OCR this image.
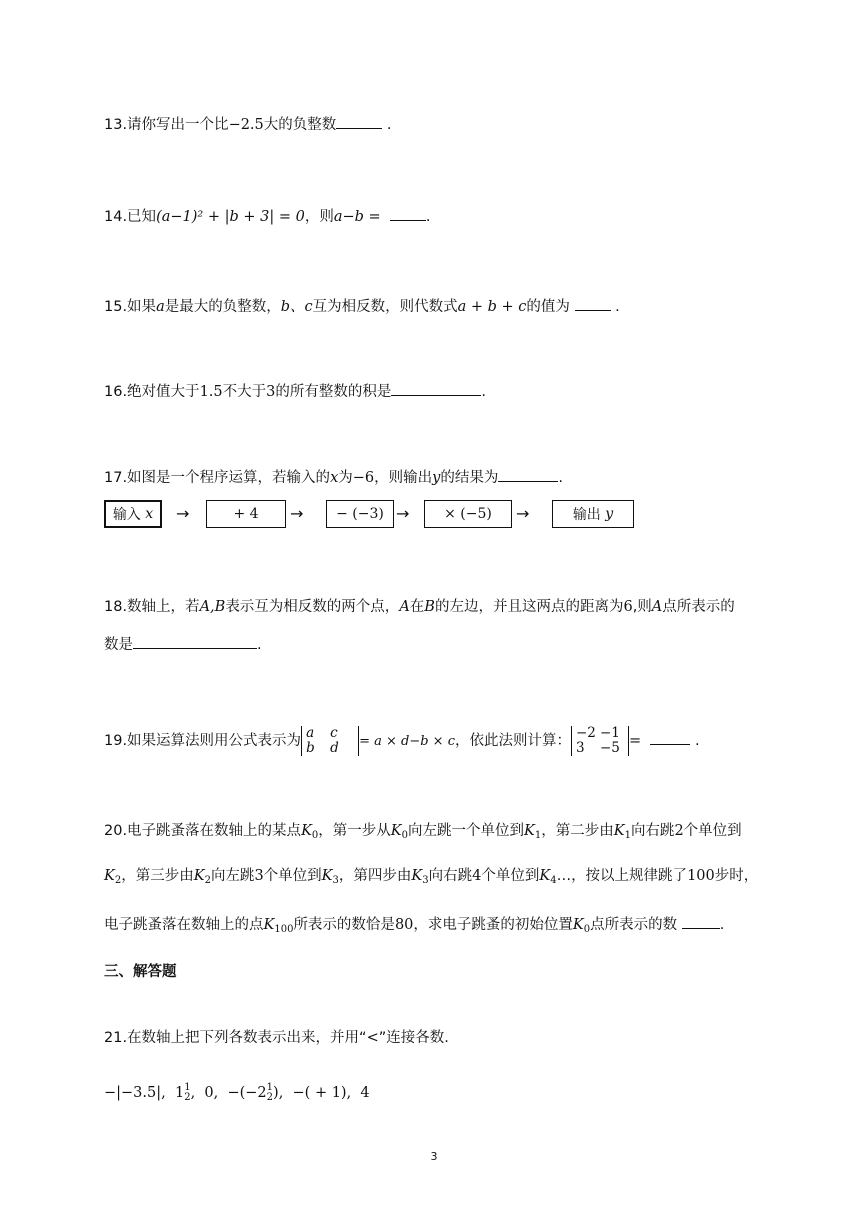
13.请你写出一个比−2.5大的负整数	.
14.已知(a−1)² + |b + 3| = 0，则a−b =	.
15.如果a是最大的负整数，b、c互为相反数，则代数式a + b + c的值为	.
16.绝对值大于1.5不大于3的所有整数的积是	.
17.如图是一个程序运算，若输入的x为−6，则输出y的结果为	.
输入
x →	+ 4 → − (−3) → × (−5) →	输出
y
18.数轴上，若A,B表示互为相反数的两个点，A在B的左边，并且这两点的距离为6,则A点所表示的
数是	.
19.如果运算法则用公式表示为 a c
b d = a × d−b × c，依此法则计算： −2 −1
3 −5 =	.
20.电子跳蚤落在数轴上的某点$K_0$，第一步从$K_0$向左跳一个单位到$K_1$，第二步由$K_1$向右跳2个单位到
$K_2$，第三步由$K_2$向左跳3个单位到$K_3$，第四步由$K_3$向右跳4个单位到$K_4\dots$，按以上规律跳了100步时，
电子跳蚤落在数轴上的点$K_{100}$所表示的数恰是80，求电子跳蚤的初始位置$K_0$点所表示的数	.
三、解答题
21.在数轴上把下列各数表示出来，并用“<”连接各数.
−|−3.5|, 11
2, 0, −(−21
2), −( + 1), 4
3
